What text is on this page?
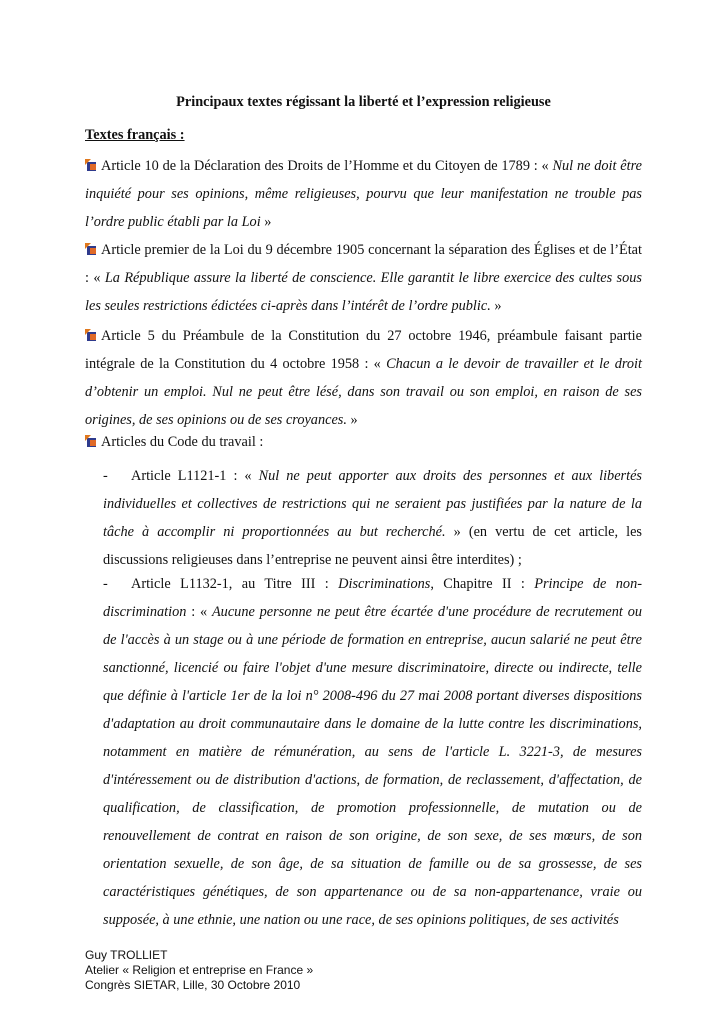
Principaux textes régissant la liberté et l’expression religieuse
Textes français :
Article 10 de la Déclaration des Droits de l’Homme et du Citoyen de 1789 : « Nul ne doit être inquiété pour ses opinions, même religieuses, pourvu que leur manifestation ne trouble pas l’ordre public établi par la Loi »
Article premier de la Loi du 9 décembre 1905 concernant la séparation des Églises et de l’État : « La République assure la liberté de conscience. Elle garantit le libre exercice des cultes sous les seules restrictions édictées ci-après dans l’intérêt de l’ordre public. »
Article 5 du Préambule de la Constitution du 27 octobre 1946, préambule faisant partie intégrale de la Constitution du 4 octobre 1958 : « Chacun a le devoir de travailler et le droit d’obtenir un emploi. Nul ne peut être lésé, dans son travail ou son emploi, en raison de ses origines, de ses opinions ou de ses croyances. »
Articles du Code du travail :
- Article L1121-1 : « Nul ne peut apporter aux droits des personnes et aux libertés individuelles et collectives de restrictions qui ne seraient pas justifiées par la nature de la tâche à accomplir ni proportionnées au but recherché. » (en vertu de cet article, les discussions religieuses dans l’entreprise ne peuvent ainsi être interdites) ;
- Article L1132-1, au Titre III : Discriminations, Chapitre II : Principe de non-discrimination : « Aucune personne ne peut être écartée d'une procédure de recrutement ou de l'accès à un stage ou à une période de formation en entreprise, aucun salarié ne peut être sanctionné, licencié ou faire l'objet d'une mesure discriminatoire, directe ou indirecte, telle que définie à l'article 1er de la loi n° 2008-496 du 27 mai 2008 portant diverses dispositions d'adaptation au droit communautaire dans le domaine de la lutte contre les discriminations, notamment en matière de rémunération, au sens de l'article L. 3221-3, de mesures d'intéressement ou de distribution d'actions, de formation, de reclassement, d'affectation, de qualification, de classification, de promotion professionnelle, de mutation ou de renouvellement de contrat en raison de son origine, de son sexe, de ses mœurs, de son orientation sexuelle, de son âge, de sa situation de famille ou de sa grossesse, de ses caractéristiques génétiques, de son appartenance ou de sa non-appartenance, vraie ou supposée, à une ethnie, une nation ou une race, de ses opinions politiques, de ses activités
Guy TROLLIET
Atelier « Religion et entreprise en France »
Congrès SIETAR, Lille, 30 Octobre 2010
